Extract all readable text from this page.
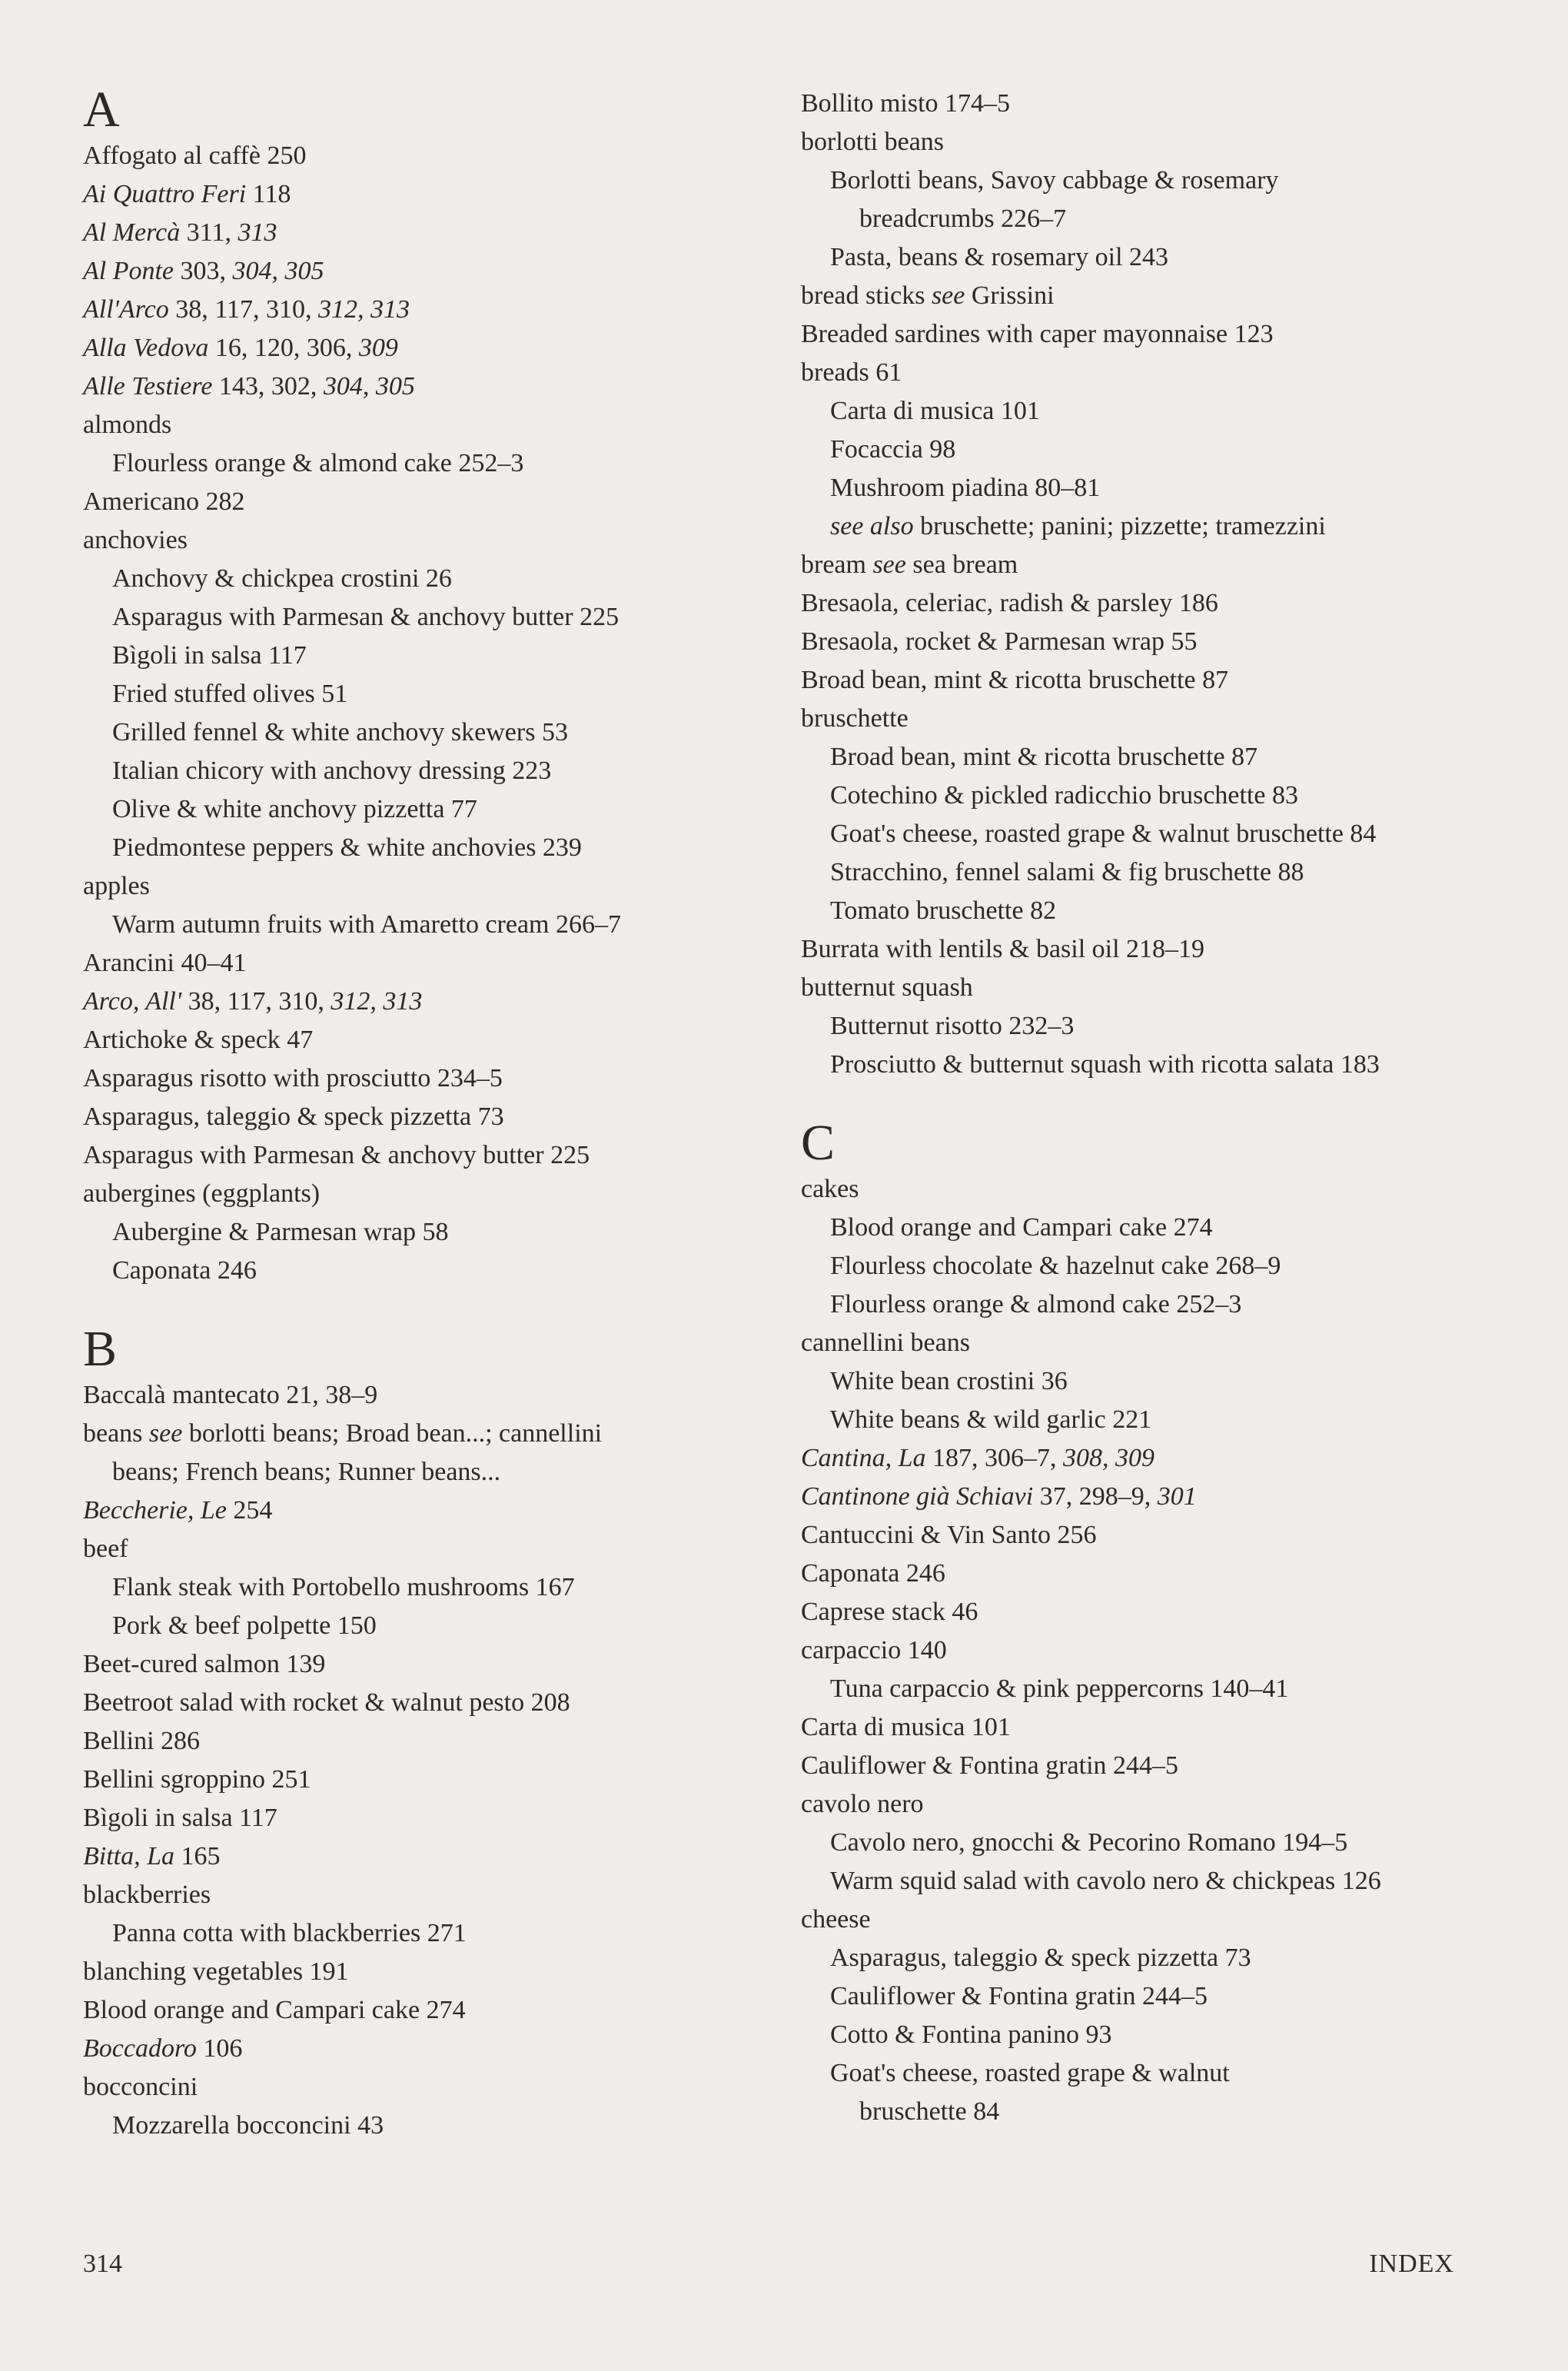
A
Affogato al caffè 250
Ai Quattro Feri 118
Al Mercà 311, 313
Al Ponte 303, 304, 305
All'Arco 38, 117, 310, 312, 313
Alla Vedova 16, 120, 306, 309
Alle Testiere 143, 302, 304, 305
almonds
Flourless orange & almond cake 252–3
Americano 282
anchovies
Anchovy & chickpea crostini 26
Asparagus with Parmesan & anchovy butter 225
Bìgoli in salsa 117
Fried stuffed olives 51
Grilled fennel & white anchovy skewers 53
Italian chicory with anchovy dressing 223
Olive & white anchovy pizzetta 77
Piedmontese peppers & white anchovies 239
apples
Warm autumn fruits with Amaretto cream 266–7
Arancini 40–41
Arco, All' 38, 117, 310, 312, 313
Artichoke & speck 47
Asparagus risotto with prosciutto 234–5
Asparagus, taleggio & speck pizzetta 73
Asparagus with Parmesan & anchovy butter 225
aubergines (eggplants)
Aubergine & Parmesan wrap 58
Caponata 246
B
Baccalà mantecato 21, 38–9
beans see borlotti beans; Broad bean...; cannellini
beans; French beans; Runner beans...
Beccherie, Le 254
beef
Flank steak with Portobello mushrooms 167
Pork & beef polpette 150
Beet-cured salmon 139
Beetroot salad with rocket & walnut pesto 208
Bellini 286
Bellini sgroppino 251
Bìgoli in salsa 117
Bitta, La 165
blackberries
Panna cotta with blackberries 271
blanching vegetables 191
Blood orange and Campari cake 274
Boccadoro 106
bocconcini
Mozzarella bocconcini 43
Bollito misto 174–5
borlotti beans
Borlotti beans, Savoy cabbage & rosemary
breadcrumbs 226–7
Pasta, beans & rosemary oil 243
bread sticks see Grissini
Breaded sardines with caper mayonnaise 123
breads 61
Carta di musica 101
Focaccia 98
Mushroom piadina 80–81
see also bruschette; panini; pizzette; tramezzini
bream see sea bream
Bresaola, celeriac, radish & parsley 186
Bresaola, rocket & Parmesan wrap 55
Broad bean, mint & ricotta bruschette 87
bruschette
Broad bean, mint & ricotta bruschette 87
Cotechino & pickled radicchio bruschette 83
Goat's cheese, roasted grape & walnut bruschette 84
Stracchino, fennel salami & fig bruschette 88
Tomato bruschette 82
Burrata with lentils & basil oil 218–19
butternut squash
Butternut risotto 232–3
Prosciutto & butternut squash with ricotta salata 183
C
cakes
Blood orange and Campari cake 274
Flourless chocolate & hazelnut cake 268–9
Flourless orange & almond cake 252–3
cannellini beans
White bean crostini 36
White beans & wild garlic 221
Cantina, La 187, 306–7, 308, 309
Cantinone già Schiavi 37, 298–9, 301
Cantuccini & Vin Santo 256
Caponata 246
Caprese stack 46
carpaccio 140
Tuna carpaccio & pink peppercorns 140–41
Carta di musica 101
Cauliflower & Fontina gratin 244–5
cavolo nero
Cavolo nero, gnocchi & Pecorino Romano 194–5
Warm squid salad with cavolo nero & chickpeas 126
cheese
Asparagus, taleggio & speck pizzetta 73
Cauliflower & Fontina gratin 244–5
Cotto & Fontina panino 93
Goat's cheese, roasted grape & walnut
bruschette 84
314	INDEX
